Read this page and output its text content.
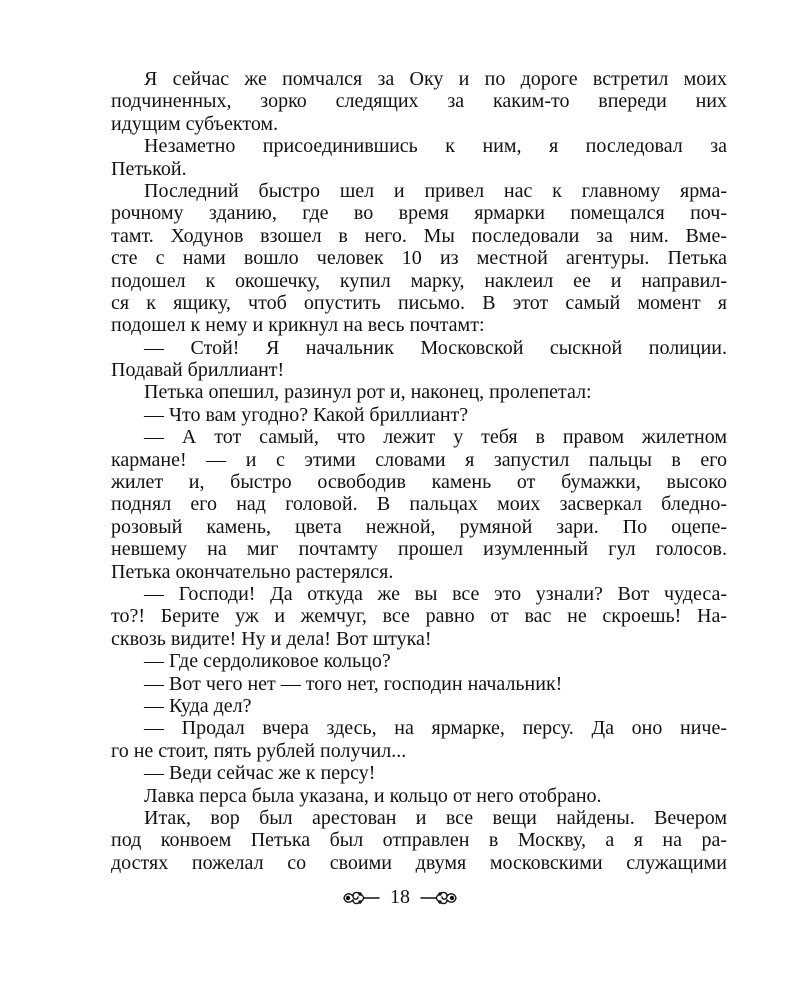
Я сейчас же помчался за Оку и по дороге встретил моих
подчиненных, зорко следящих за каким-то впереди них
идущим субъектом.
Незаметно присоединившись к ним, я последовал за
Петькой.
Последний быстро шел и привел нас к главному ярма-
рочному зданию, где во время ярмарки помещался поч-
тамт. Ходунов взошел в него. Мы последовали за ним. Вме-
сте с нами вошло человек 10 из местной агентуры. Петька
подошел к окошечку, купил марку, наклеил ее и направил-
ся к ящику, чтоб опустить письмо. В этот самый момент я
подошел к нему и крикнул на весь почтамт:
— Стой! Я начальник Московской сыскной полиции.
Подавай бриллиант!
Петька опешил, разинул рот и, наконец, пролепетал:
— Что вам угодно? Какой бриллиант?
— А тот самый, что лежит у тебя в правом жилетном
кармане! — и с этими словами я запустил пальцы в его
жилет и, быстро освободив камень от бумажки, высоко
поднял его над головой. В пальцах моих засверкал бледно-
розовый камень, цвета нежной, румяной зари. По оцепе-
невшему на миг почтамту прошел изумленный гул голосов.
Петька окончательно растерялся.
— Господи! Да откуда же вы все это узнали? Вот чудеса-
то?! Берите уж и жемчуг, все равно от вас не скроешь! На-
сквозь видите! Ну и дела! Вот штука!
— Где сердоликовое кольцо?
— Вот чего нет — того нет, господин начальник!
— Куда дел?
— Продал вчера здесь, на ярмарке, персу. Да оно ниче-
го не стоит, пять рублей получил...
— Веди сейчас же к персу!
Лавка перса была указана, и кольцо от него отобрано.
Итак, вор был арестован и все вещи найдены. Вечером
под конвоем Петька был отправлен в Москву, а я на ра-
достях пожелал со своими двумя московскими служащими
18
